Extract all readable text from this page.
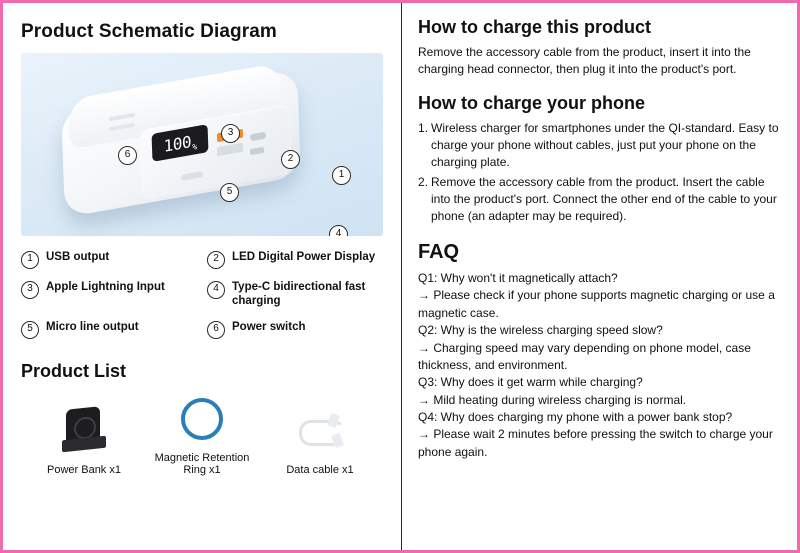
Product Schematic Diagram
100 %
1
2
3
4
5
6
1	USB output	2	LED Digital Power Display
3	Apple Lightning Input	4	Type-C bidirectional fast charging
5	Micro line output	6	Power switch
Product List
Power Bank x1
Magnetic Retention Ring x1	Data cable x1
How to charge this product

Remove the accessory cable from the product, insert it into the charging head connector, then plug it into the product's port.

How to charge your phone
Wireless charger for smartphones under the QI-standard. Easy to charge your phone without cables, just put your phone on the charging plate.
Remove the accessory cable from the product. Insert the cable into the product's port. Connect the other end of the cable to your phone (an adapter may be required).
FAQ

Q1: Why won't it magnetically attach?

→ Please check if your phone supports magnetic charging or use a magnetic case.

Q2: Why is the wireless charging speed slow?

→ Charging speed may vary depending on phone model, case thickness, and environment.

Q3: Why does it get warm while charging?

→ Mild heating during wireless charging is normal.

Q4: Why does charging my phone with a power bank stop?

→ Please wait 2 minutes before pressing the switch to charge your phone again.
